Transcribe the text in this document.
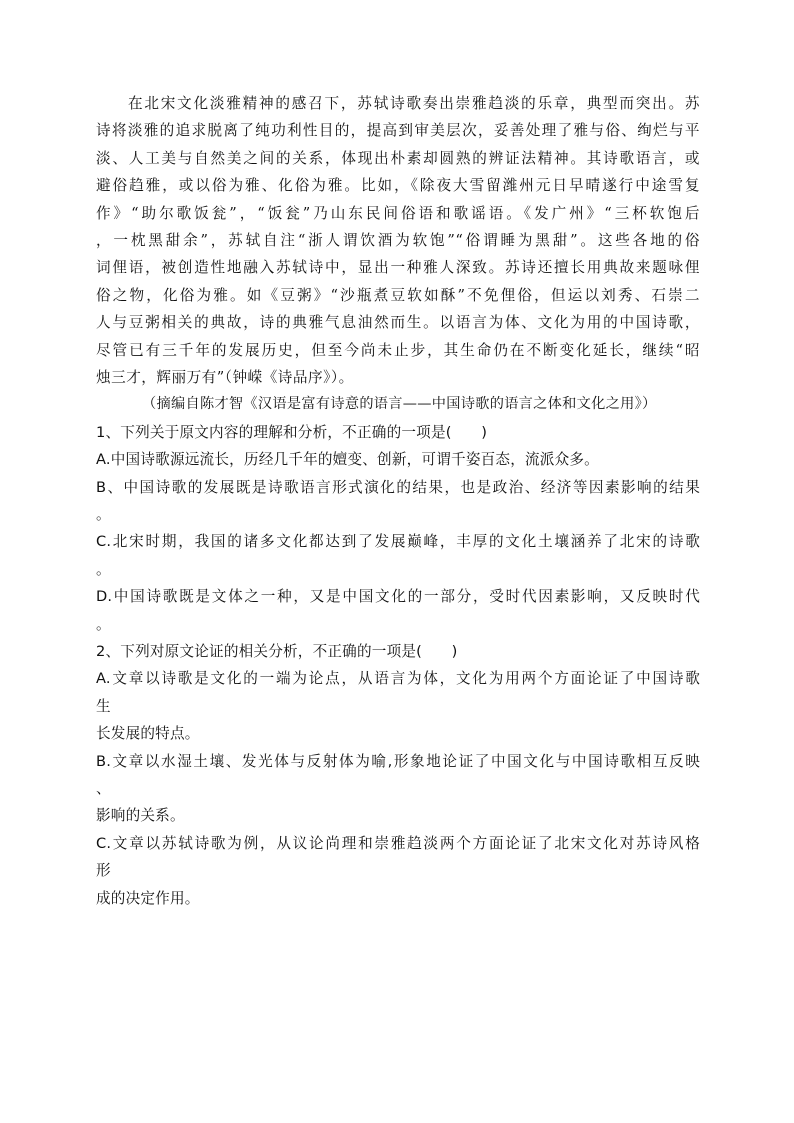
在北宋文化淡雅精神的感召下，苏轼诗歌奏出崇雅趋淡的乐章，典型而突出。苏
诗将淡雅的追求脱离了纯功利性目的，提高到审美层次，妥善处理了雅与俗、绚烂与平
淡、人工美与自然美之间的关系，体现出朴素却圆熟的辨证法精神。其诗歌语言，或
避俗趋雅，或以俗为雅、化俗为雅。比如，《除夜大雪留潍州元日早晴遂行中途雪复
作》“助尔歌饭瓮”，“饭瓮”乃山东民间俗语和歌谣语。《发广州》“三杯软饱后
，一枕黑甜余”，苏轼自注“浙人谓饮酒为软饱”“俗谓睡为黑甜”。这些各地的俗
词俚语，被创造性地融入苏轼诗中，显出一种雅人深致。苏诗还擅长用典故来题咏俚
俗之物，化俗为雅。如《豆粥》“沙瓶煮豆软如酥”不免俚俗，但运以刘秀、石崇二
人与豆粥相关的典故，诗的典雅气息油然而生。以语言为体、文化为用的中国诗歌，
尽管已有三千年的发展历史，但至今尚未止步，其生命仍在不断变化延长，继续“昭
烛三才，辉丽万有”（钟嵘《诗品序》）。
（摘编自陈才智《汉语是富有诗意的语言——中国诗歌的语言之体和文化之用》）
1、下列关于原文内容的理解和分析，不正确的一项是(　　)
A.中国诗歌源远流长，历经几千年的嬗变、创新，可谓千姿百态，流派众多。
B、中国诗歌的发展既是诗歌语言形式演化的结果，也是政治、经济等因素影响的结果
。
C.北宋时期，我国的诸多文化都达到了发展巅峰，丰厚的文化土壤涵养了北宋的诗歌
。
D.中国诗歌既是文体之一种，又是中国文化的一部分，受时代因素影响，又反映时代
。
2、下列对原文论证的相关分析，不正确的一项是(　　)
A.文章以诗歌是文化的一端为论点，从语言为体，文化为用两个方面论证了中国诗歌
生
长发展的特点。
B.文章以水湿土壤、发光体与反射体为喻,形象地论证了中国文化与中国诗歌相互反映
、
影响的关系。
C.文章以苏轼诗歌为例，从议论尚理和崇雅趋淡两个方面论证了北宋文化对苏诗风格
形
成的决定作用。
